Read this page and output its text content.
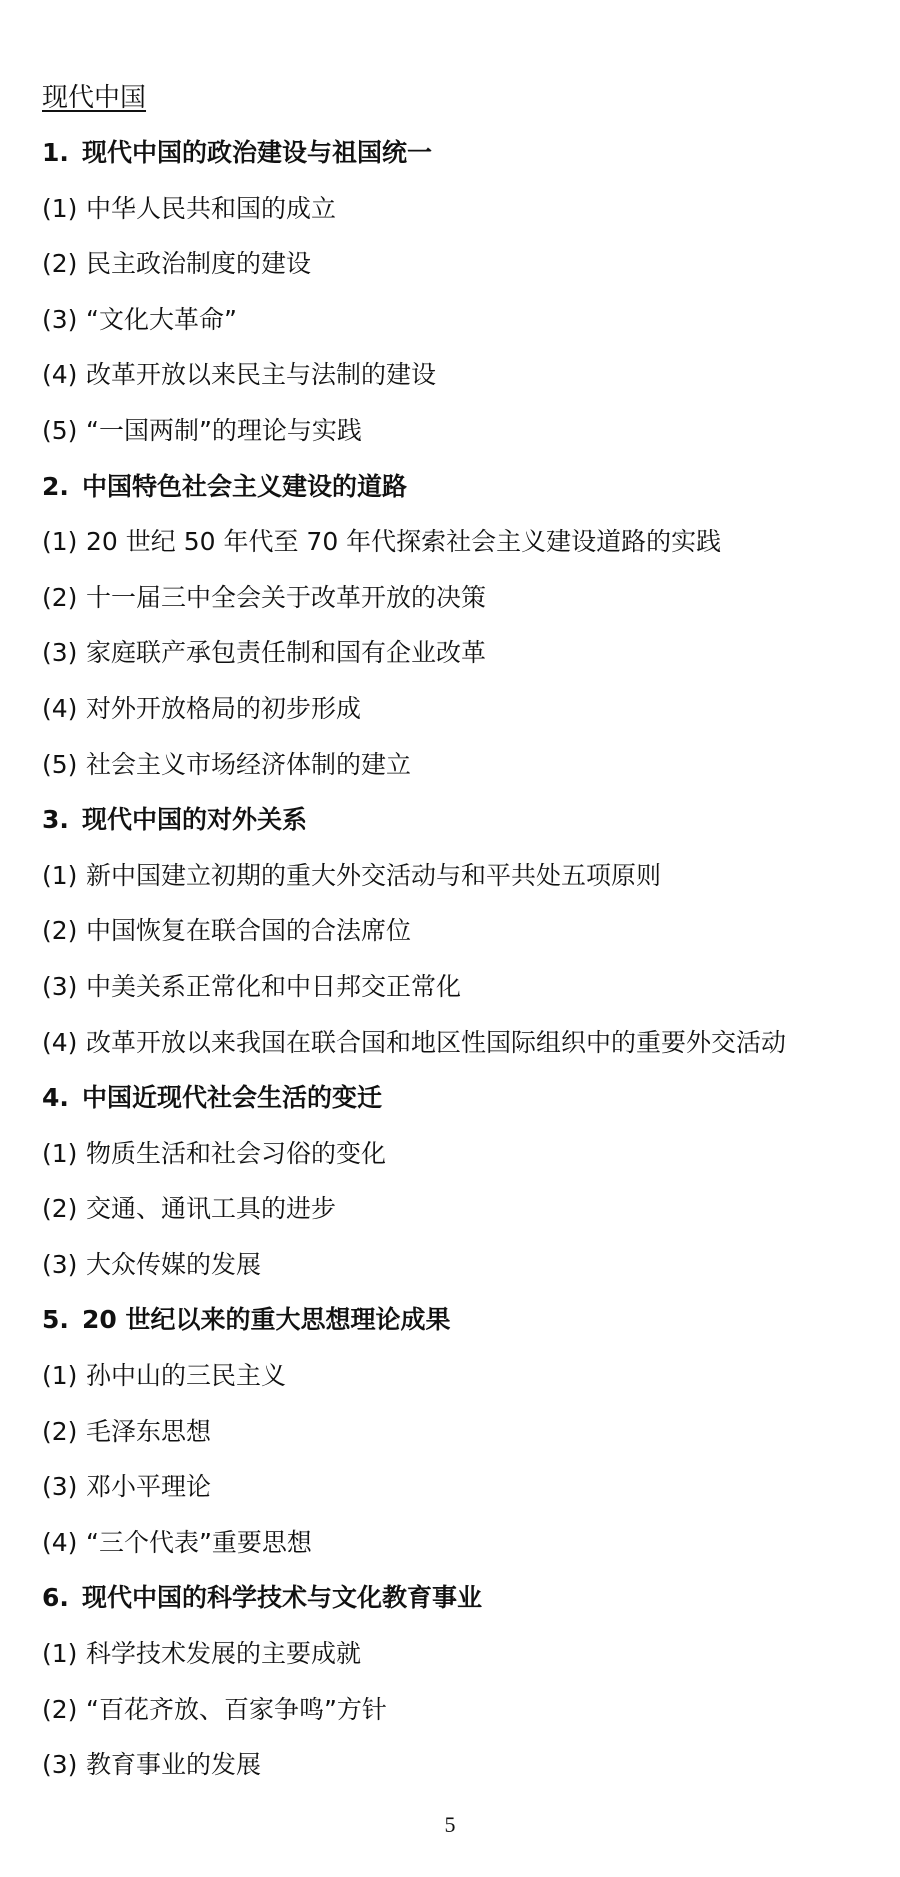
现代中国
1. 现代中国的政治建设与祖国统一
(1) 中华人民共和国的成立
(2) 民主政治制度的建设
(3) “文化大革命”
(4) 改革开放以来民主与法制的建设
(5) “一国两制”的理论与实践
2. 中国特色社会主义建设的道路
(1) 20 世纪 50 年代至 70 年代探索社会主义建设道路的实践
(2) 十一届三中全会关于改革开放的决策
(3) 家庭联产承包责任制和国有企业改革
(4) 对外开放格局的初步形成
(5) 社会主义市场经济体制的建立
3. 现代中国的对外关系
(1) 新中国建立初期的重大外交活动与和平共处五项原则
(2) 中国恢复在联合国的合法席位
(3) 中美关系正常化和中日邦交正常化
(4) 改革开放以来我国在联合国和地区性国际组织中的重要外交活动
4. 中国近现代社会生活的变迁
(1) 物质生活和社会习俗的变化
(2) 交通、通讯工具的进步
(3) 大众传媒的发展
5. 20 世纪以来的重大思想理论成果
(1) 孙中山的三民主义
(2) 毛泽东思想
(3) 邓小平理论
(4) “三个代表”重要思想
6. 现代中国的科学技术与文化教育事业
(1) 科学技术发展的主要成就
(2) “百花齐放、百家争鸣”方针
(3) 教育事业的发展
5
